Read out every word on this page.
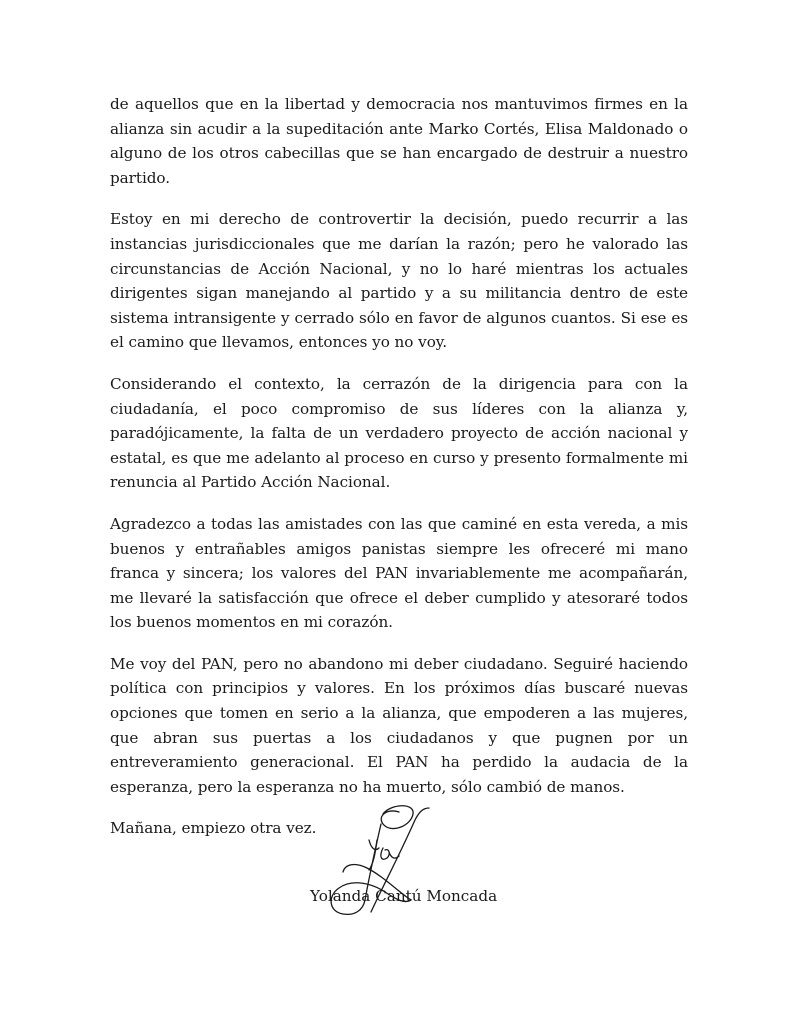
de aquellos que en la libertad y democracia nos mantuvimos firmes en la alianza sin acudir a la supeditación ante Marko Cortés, Elisa Maldonado o alguno de los otros cabecillas que se han encargado de destruir a nuestro partido.

Estoy en mi derecho de controvertir la decisión, puedo recurrir a las instancias jurisdiccionales que me darían la razón; pero he valorado las circunstancias de Acción Nacional, y no lo haré mientras los actuales dirigentes sigan manejando al partido y a su militancia dentro de este sistema intransigente y cerrado sólo en favor de algunos cuantos. Si ese es el camino que llevamos, entonces yo no voy.

Considerando el contexto, la cerrazón de la dirigencia para con la ciudadanía, el poco compromiso de sus líderes con la alianza y, paradójicamente, la falta de un verdadero proyecto de acción nacional y estatal, es que me adelanto al proceso en curso y presento formalmente mi renuncia al Partido Acción Nacional.

Agradezco a todas las amistades con las que caminé en esta vereda, a mis buenos y entrañables amigos panistas siempre les ofreceré mi mano franca y sincera; los valores del PAN invariablemente me acompañarán, me llevaré la satisfacción que ofrece el deber cumplido y atesoraré todos los buenos momentos en mi corazón.

Me voy del PAN, pero no abandono mi deber ciudadano. Seguiré haciendo política con principios y valores. En los próximos días buscaré nuevas opciones que tomen en serio a la alianza, que empoderen a las mujeres, que abran sus puertas a los ciudadanos y que pugnen por un entreveramiento generacional. El PAN ha perdido la audacia de la esperanza, pero la esperanza no ha muerto, sólo cambió de manos.

Mañana, empiezo otra vez.

Yolanda Cantú Moncada
